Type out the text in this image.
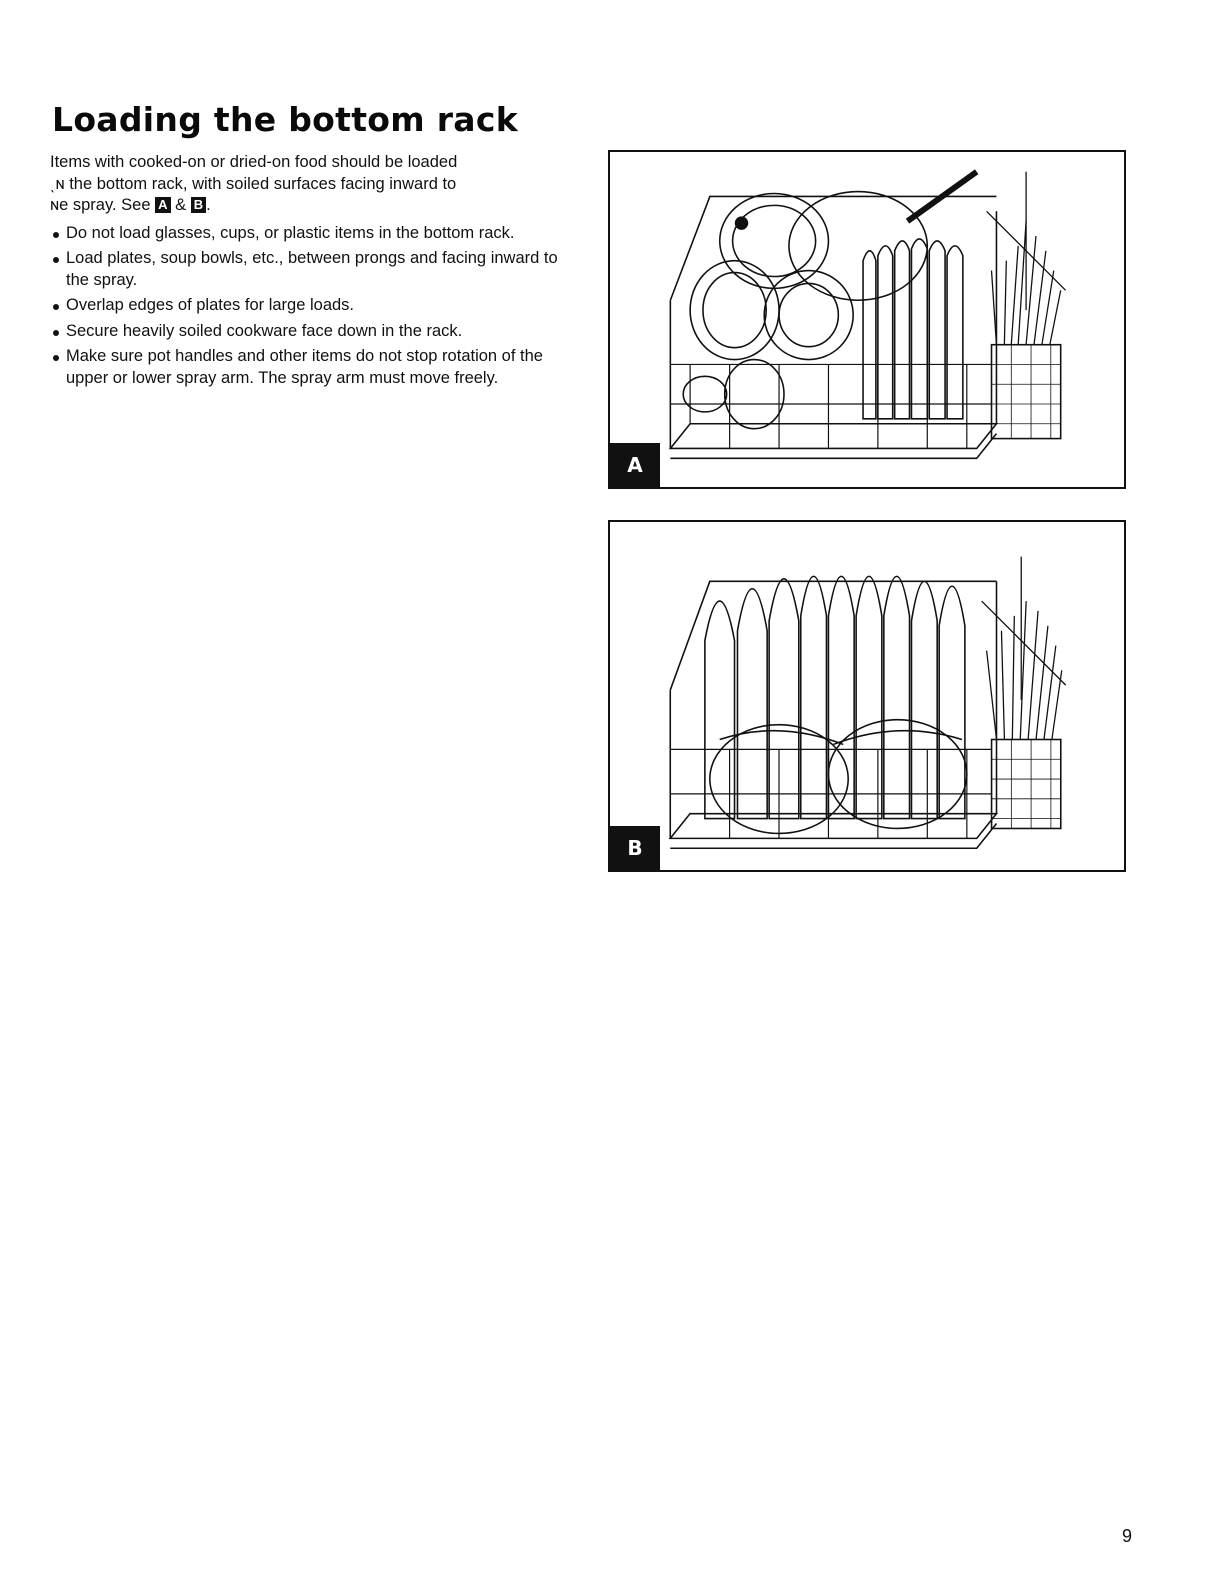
Loading the bottom rack

Items with cooked-on or dried-on food should be loaded
ˎɴ the bottom rack, with soiled surfaces facing inward to
ɴe spray. See A & B .

Do not load glasses, cups, or plastic items in the bottom rack.
Load plates, soup bowls, etc., between prongs and facing inward to the spray.
Overlap edges of plates for large loads.
Secure heavily soiled cookware face down in the rack.
Make sure pot handles and other items do not stop rotation of the upper or lower spray arm. The spray arm must move freely.
A
B
9
